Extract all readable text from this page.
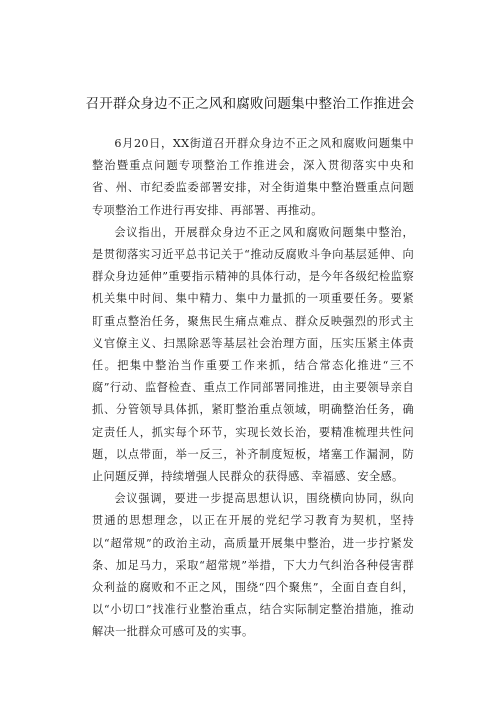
召开群众身边不正之风和腐败问题集中整治工作推进会

6月20日，XX街道召开群众身边不正之风和腐败问题集中整治暨重点问题专项整治工作推进会，深入贯彻落实中央和省、州、市纪委监委部署安排，对全街道集中整治暨重点问题专项整治工作进行再安排、再部署、再推动。

会议指出，开展群众身边不正之风和腐败问题集中整治，是贯彻落实习近平总书记关于“推动反腐败斗争向基层延伸、向群众身边延伸”重要指示精神的具体行动，是今年各级纪检监察机关集中时间、集中精力、集中力量抓的一项重要任务。要紧盯重点整治任务，聚焦民生痛点难点、群众反映强烈的形式主义官僚主义、扫黑除恶等基层社会治理方面，压实压紧主体责任。把集中整治当作重要工作来抓，结合常态化推进“三不腐”行动、监督检查、重点工作同部署同推进，由主要领导亲自抓、分管领导具体抓，紧盯整治重点领域，明确整治任务，确定责任人，抓实每个环节，实现长效长治，要精准梳理共性问题，以点带面，举一反三，补齐制度短板，堵塞工作漏洞，防止问题反弹，持续增强人民群众的获得感、幸福感、安全感。

会议强调，要进一步提高思想认识，围绕横向协同，纵向贯通的思想理念，以正在开展的党纪学习教育为契机，坚持以“超常规”的政治主动，高质量开展集中整治，进一步拧紧发条、加足马力，采取“超常规”举措，下大力气纠治各种侵害群众利益的腐败和不正之风，围绕“四个聚焦”，全面自查自纠，以“小切口”找准行业整治重点，结合实际制定整治措施，推动解决一批群众可感可及的实事。
